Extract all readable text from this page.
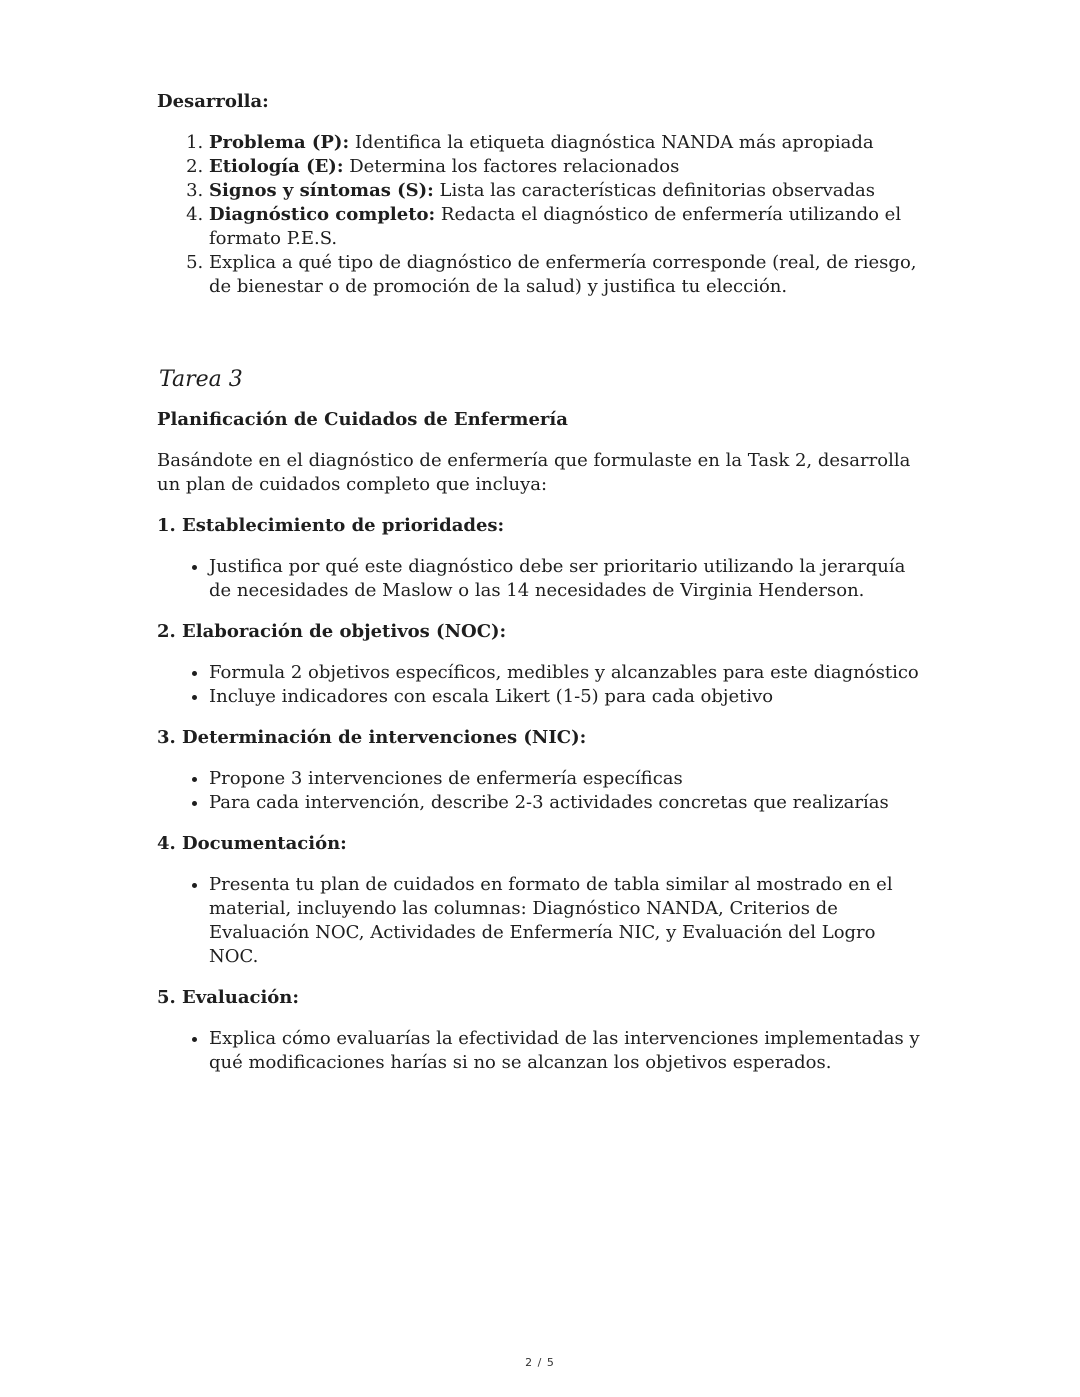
Desarrolla:

1. Problema (P): Identifica la etiqueta diagnóstica NANDA más apropiada
2. Etiología (E): Determina los factores relacionados
3. Signos y síntomas (S): Lista las características definitorias observadas
4. Diagnóstico completo: Redacta el diagnóstico de enfermería utilizando el formato P.E.S.
5. Explica a qué tipo de diagnóstico de enfermería corresponde (real, de riesgo, de bienestar o de promoción de la salud) y justifica tu elección.

Tarea 3

Planificación de Cuidados de Enfermería

Basándote en el diagnóstico de enfermería que formulaste en la Task 2, desarrolla un plan de cuidados completo que incluya:

1. Establecimiento de prioridades:

• Justifica por qué este diagnóstico debe ser prioritario utilizando la jerarquía de necesidades de Maslow o las 14 necesidades de Virginia Henderson.

2. Elaboración de objetivos (NOC):

• Formula 2 objetivos específicos, medibles y alcanzables para este diagnóstico
• Incluye indicadores con escala Likert (1-5) para cada objetivo

3. Determinación de intervenciones (NIC):

• Propone 3 intervenciones de enfermería específicas
• Para cada intervención, describe 2-3 actividades concretas que realizarías

4. Documentación:

• Presenta tu plan de cuidados en formato de tabla similar al mostrado en el material, incluyendo las columnas: Diagnóstico NANDA, Criterios de Evaluación NOC, Actividades de Enfermería NIC, y Evaluación del Logro NOC.

5. Evaluación:

• Explica cómo evaluarías la efectividad de las intervenciones implementadas y qué modificaciones harías si no se alcanzan los objetivos esperados.
2 / 5
